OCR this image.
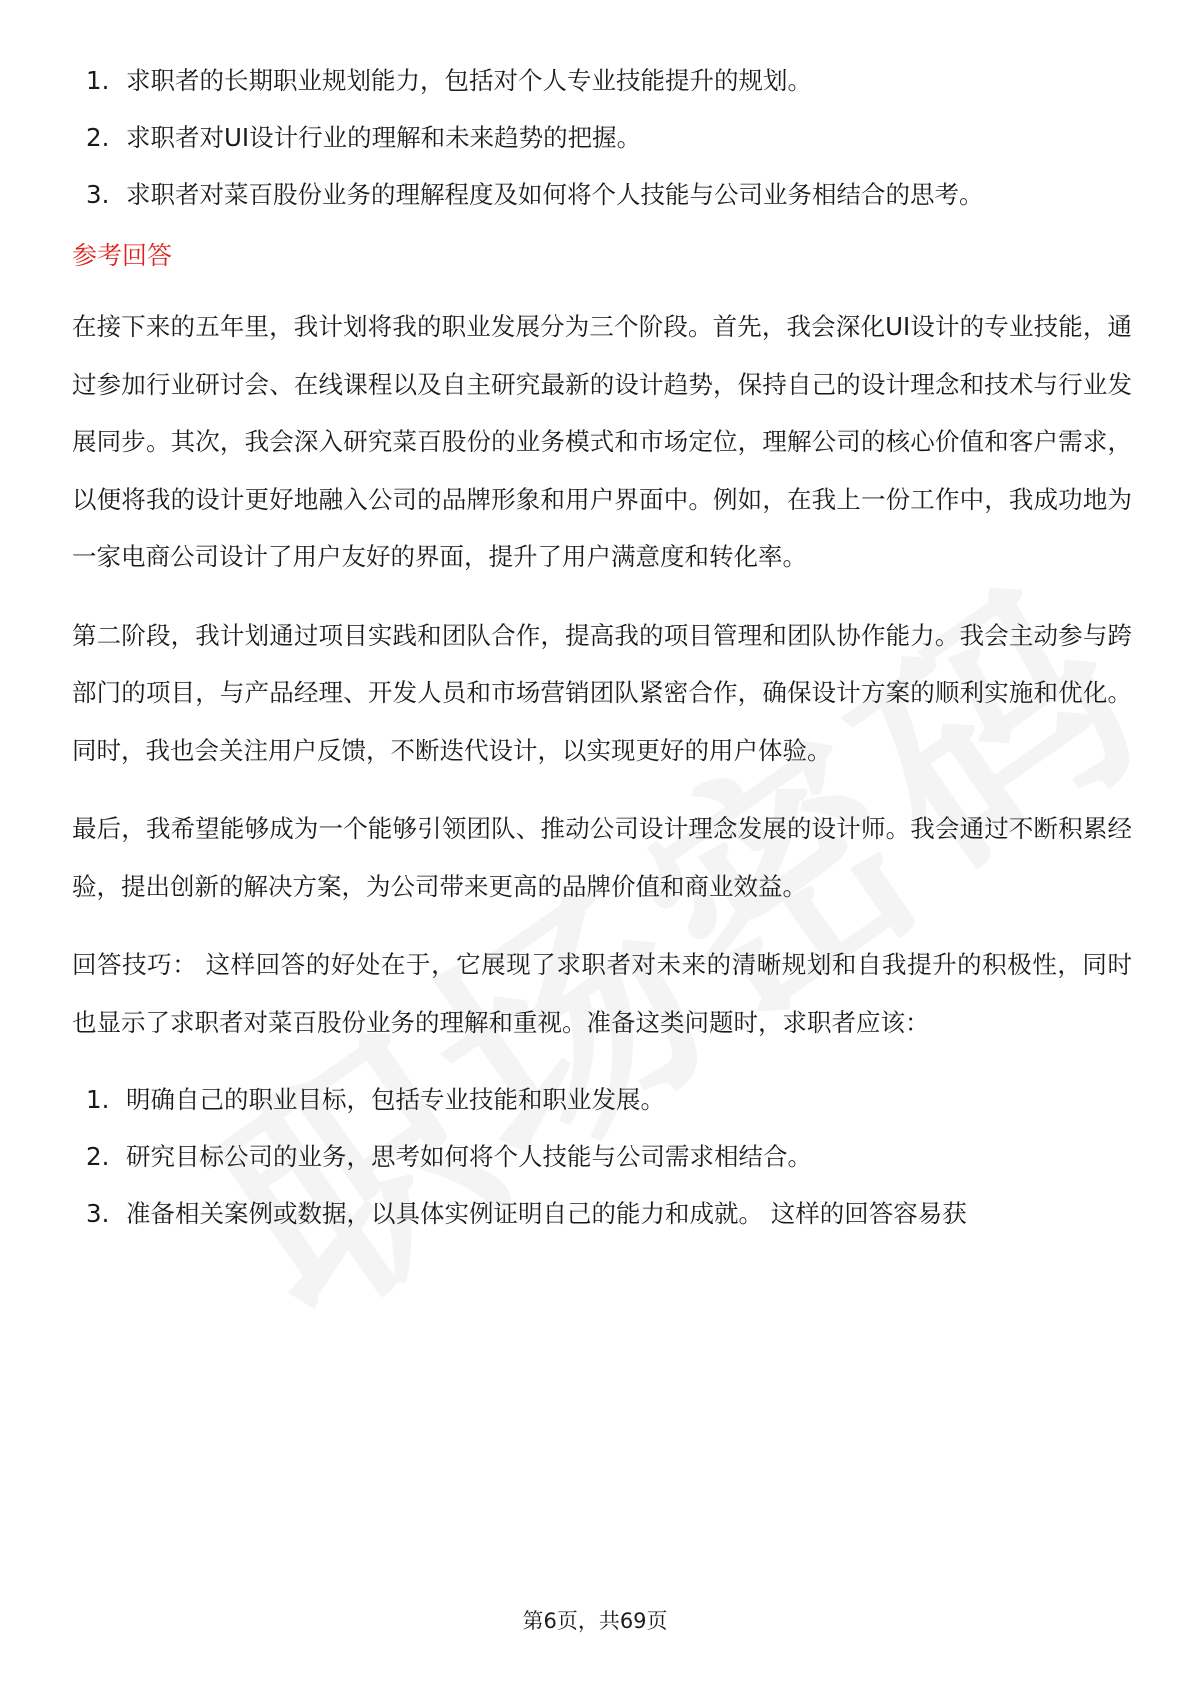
1. 求职者的长期职业规划能力，包括对个人专业技能提升的规划。
2. 求职者对UI设计行业的理解和未来趋势的把握。
3. 求职者对菜百股份业务的理解程度及如何将个人技能与公司业务相结合的思考。
参考回答

在接下来的五年里，我计划将我的职业发展分为三个阶段。首先，我会深化UI设计的专业技能，通过参加行业研讨会、在线课程以及自主研究最新的设计趋势，保持自己的设计理念和技术与行业发展同步。其次，我会深入研究菜百股份的业务模式和市场定位，理解公司的核心价值和客户需求，以便将我的设计更好地融入公司的品牌形象和用户界面中。例如，在我上一份工作中，我成功地为一家电商公司设计了用户友好的界面，提升了用户满意度和转化率。

第二阶段，我计划通过项目实践和团队合作，提高我的项目管理和团队协作能力。我会主动参与跨部门的项目，与产品经理、开发人员和市场营销团队紧密合作，确保设计方案的顺利实施和优化。同时，我也会关注用户反馈，不断迭代设计，以实现更好的用户体验。

最后，我希望能够成为一个能够引领团队、推动公司设计理念发展的设计师。我会通过不断积累经验，提出创新的解决方案，为公司带来更高的品牌价值和商业效益。

回答技巧： 这样回答的好处在于，它展现了求职者对未来的清晰规划和自我提升的积极性，同时也显示了求职者对菜百股份业务的理解和重视。准备这类问题时，求职者应该：

1. 明确自己的职业目标，包括专业技能和职业发展。
2. 研究目标公司的业务，思考如何将个人技能与公司需求相结合。
3. 准备相关案例或数据，以具体实例证明自己的能力和成就。 这样的回答容易获
第6页，共69页
